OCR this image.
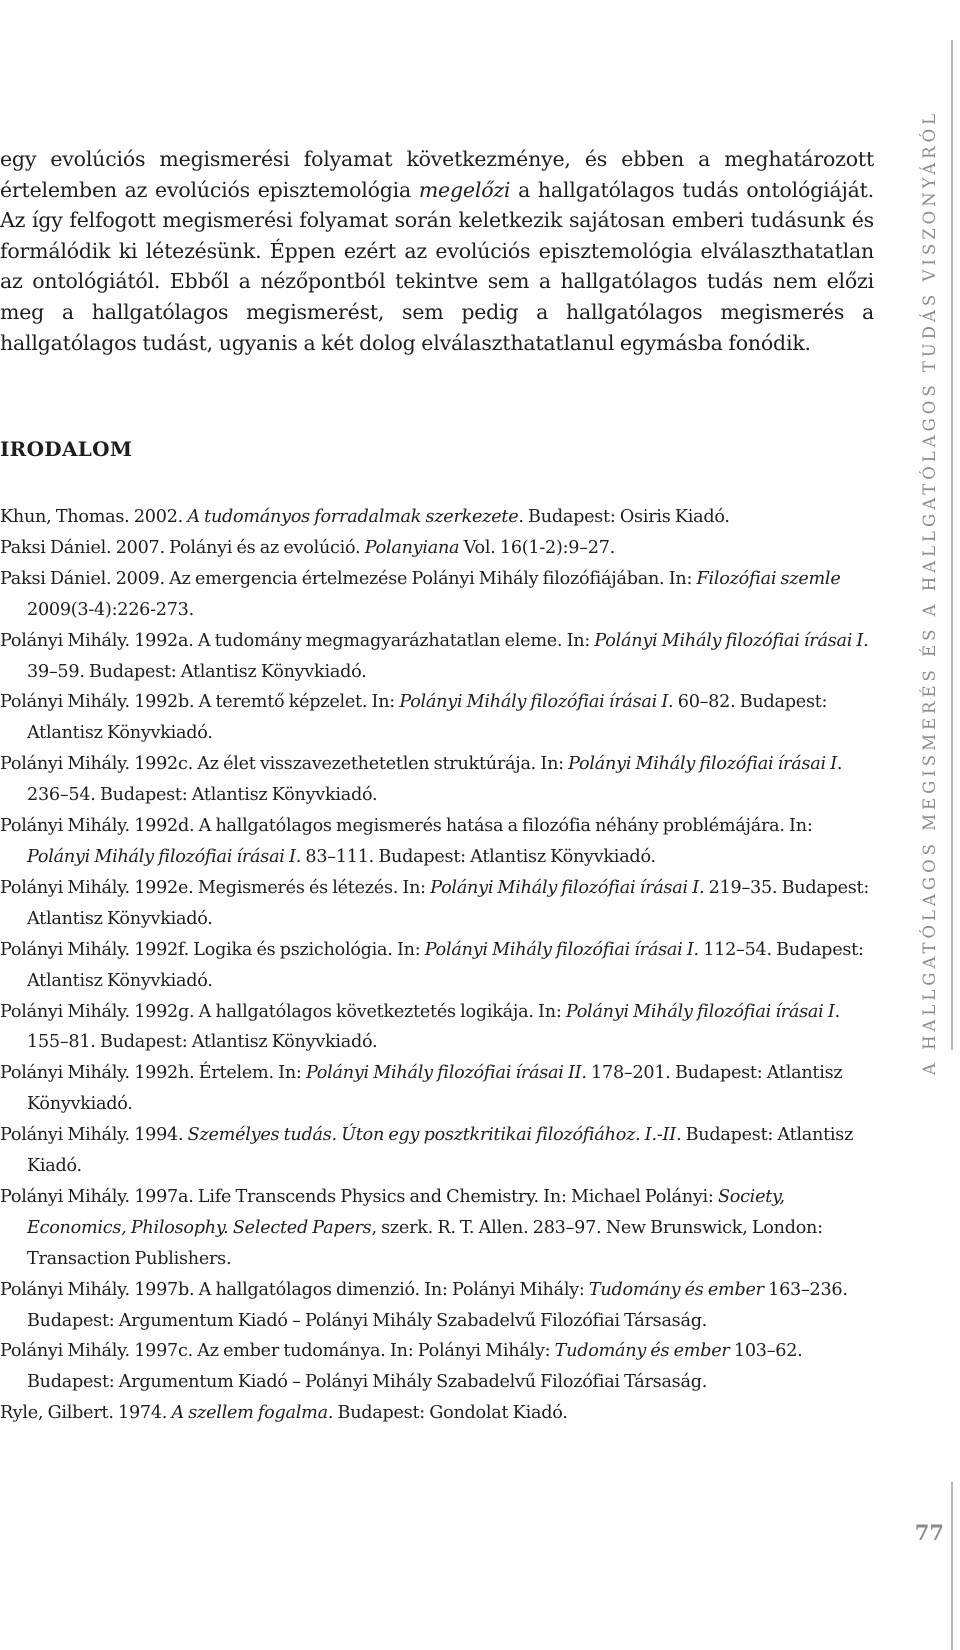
egy evolúciós megismerési folyamat következménye, és ebben a meghatározott értelemben az evolúciós episztemológia megelőzi a hallgatólagos tudás ontológiáját. Az így felfogott megismerési folyamat során keletkezik sajátosan emberi tudásunk és formálódik ki létezésünk. Éppen ezért az evolúciós episztemológia elválaszthatatlan az ontológiától. Ebből a nézőpontból tekintve sem a hallgatólagos tudás nem előzi meg a hallgatólagos megismerést, sem pedig a hallgatólagos megismerés a hallgatólagos tudást, ugyanis a két dolog elválaszthatatlanul egymásba fonódik.

IRODALOM

Khun, Thomas. 2002. A tudományos forradalmak szerkezete. Budapest: Osiris Kiadó.

Paksi Dániel. 2007. Polányi és az evolúció. Polanyiana Vol. 16(1-2):9–27.

Paksi Dániel. 2009. Az emergencia értelmezése Polányi Mihály filozófiájában. In: Filozófiai szemle 2009(3-4):226-273.

Polányi Mihály. 1992a. A tudomány megmagyarázhatatlan eleme. In: Polányi Mihály filozófiai írásai I. 39–59. Budapest: Atlantisz Könyvkiadó.

Polányi Mihály. 1992b. A teremtő képzelet. In: Polányi Mihály filozófiai írásai I. 60–82. Budapest: Atlantisz Könyvkiadó.

Polányi Mihály. 1992c. Az élet visszavezethetetlen struktúrája. In: Polányi Mihály filozófiai írásai I. 236–54. Budapest: Atlantisz Könyvkiadó.

Polányi Mihály. 1992d. A hallgatólagos megismerés hatása a filozófia néhány problémájára. In: Polányi Mihály filozófiai írásai I. 83–111. Budapest: Atlantisz Könyvkiadó.

Polányi Mihály. 1992e. Megismerés és létezés. In: Polányi Mihály filozófiai írásai I. 219–35. Budapest: Atlantisz Könyvkiadó.

Polányi Mihály. 1992f. Logika és pszichológia. In: Polányi Mihály filozófiai írásai I. 112–54. Budapest: Atlantisz Könyvkiadó.

Polányi Mihály. 1992g. A hallgatólagos következtetés logikája. In: Polányi Mihály filozófiai írásai I. 155–81. Budapest: Atlantisz Könyvkiadó.

Polányi Mihály. 1992h. Értelem. In: Polányi Mihály filozófiai írásai II. 178–201. Budapest: Atlantisz Könyvkiadó.

Polányi Mihály. 1994. Személyes tudás. Úton egy posztkritikai filozófiához. I.-II. Budapest: Atlantisz Kiadó.

Polányi Mihály. 1997a. Life Transcends Physics and Chemistry. In: Michael Polányi: Society, Economics, Philosophy. Selected Papers, szerk. R. T. Allen. 283–97. New Brunswick, London: Transaction Publishers.

Polányi Mihály. 1997b. A hallgatólagos dimenzió. In: Polányi Mihály: Tudomány és ember 163–236. Budapest: Argumentum Kiadó – Polányi Mihály Szabadelvű Filozófiai Társaság.

Polányi Mihály. 1997c. Az ember tudománya. In: Polányi Mihály: Tudomány és ember 103–62. Budapest: Argumentum Kiadó – Polányi Mihály Szabadelvű Filozófiai Társaság.

Ryle, Gilbert. 1974. A szellem fogalma. Budapest: Gondolat Kiadó.

A HALLGATÓLAGOS MEGISMERÉS ÉS A HALLGATÓLAGOS TUDÁS VISZONYÁRÓL
77
